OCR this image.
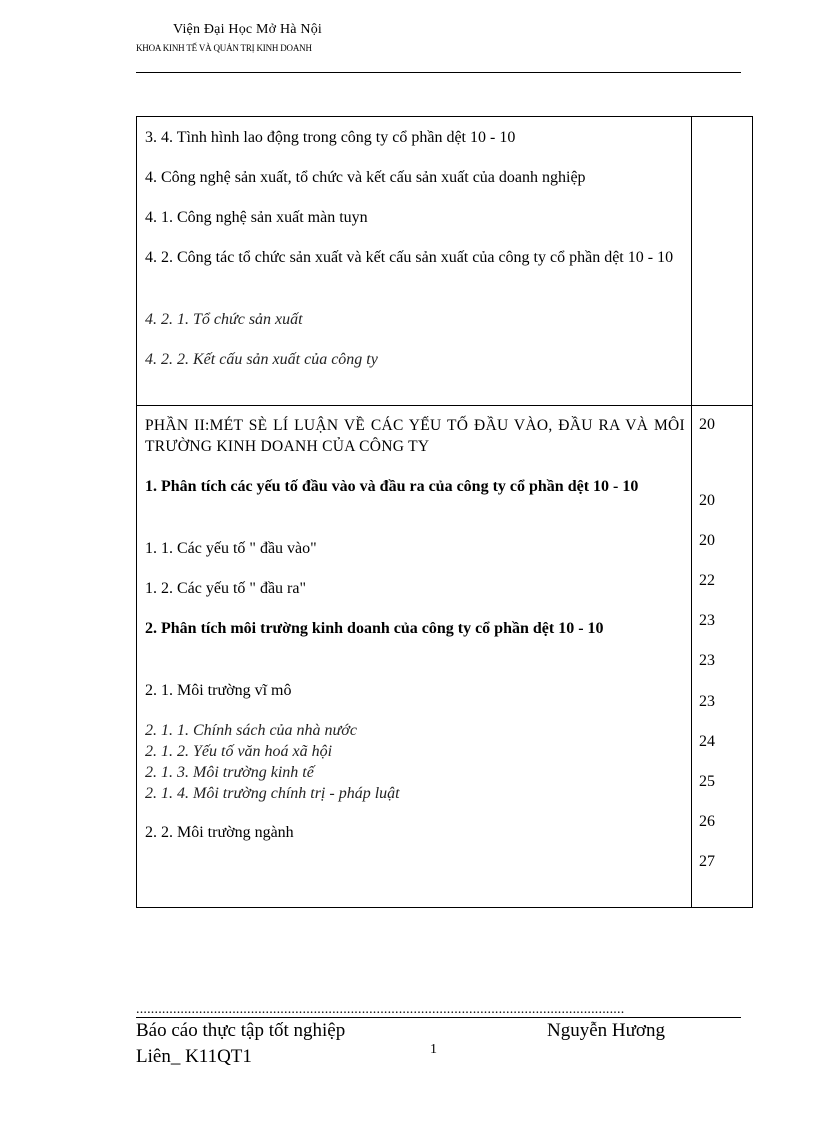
Viện Đại Học Mở Hà Nội
KHOA KINH TẾ VÀ QUẢN TRỊ KINH DOANH
3. 4. Tình hình lao động trong công ty cổ phần dệt 10 - 10
4. Công nghệ sản xuất, tổ chức và kết cấu sản xuất của doanh nghiệp
4. 1. Công nghệ sản xuất màn tuyn
4. 2. Công tác tổ chức sản xuất và kết cấu sản xuất của công ty cổ phần dệt 10 - 10
4. 2. 1. Tổ chức sản xuất
4. 2. 2. Kết cấu sản xuất của công ty
PHẦN II:MÉT SÈ LÍ LUẬN VỀ CÁC YẾU TỐ ĐẦU VÀO, ĐẦU RA VÀ MÔI TRƯỜNG KINH DOANH CỦA CÔNG TY
1. Phân tích các yếu tố đầu vào và đầu ra của công ty cổ phần dệt 10 - 10
1. 1. Các yếu tố " đầu vào"
1. 2. Các yếu tố " đầu ra"
2. Phân tích môi trường kinh doanh của công ty cổ phần dệt 10 - 10
2. 1. Môi trường vĩ mô
2. 1. 1. Chính sách của nhà nước
2. 1. 2. Yếu tố văn hoá xã hội
2. 1. 3. Môi trường kinh tế
2. 1. 4. Môi trường chính trị - pháp luật
2. 2. Môi trường ngành
20
20
20
22
23
23
23
24
25
26
27
....................................................................................................................................
Báo cáo thực tập tốt nghiệp	Nguyễn Hương
Liên_ K11QT1	1
